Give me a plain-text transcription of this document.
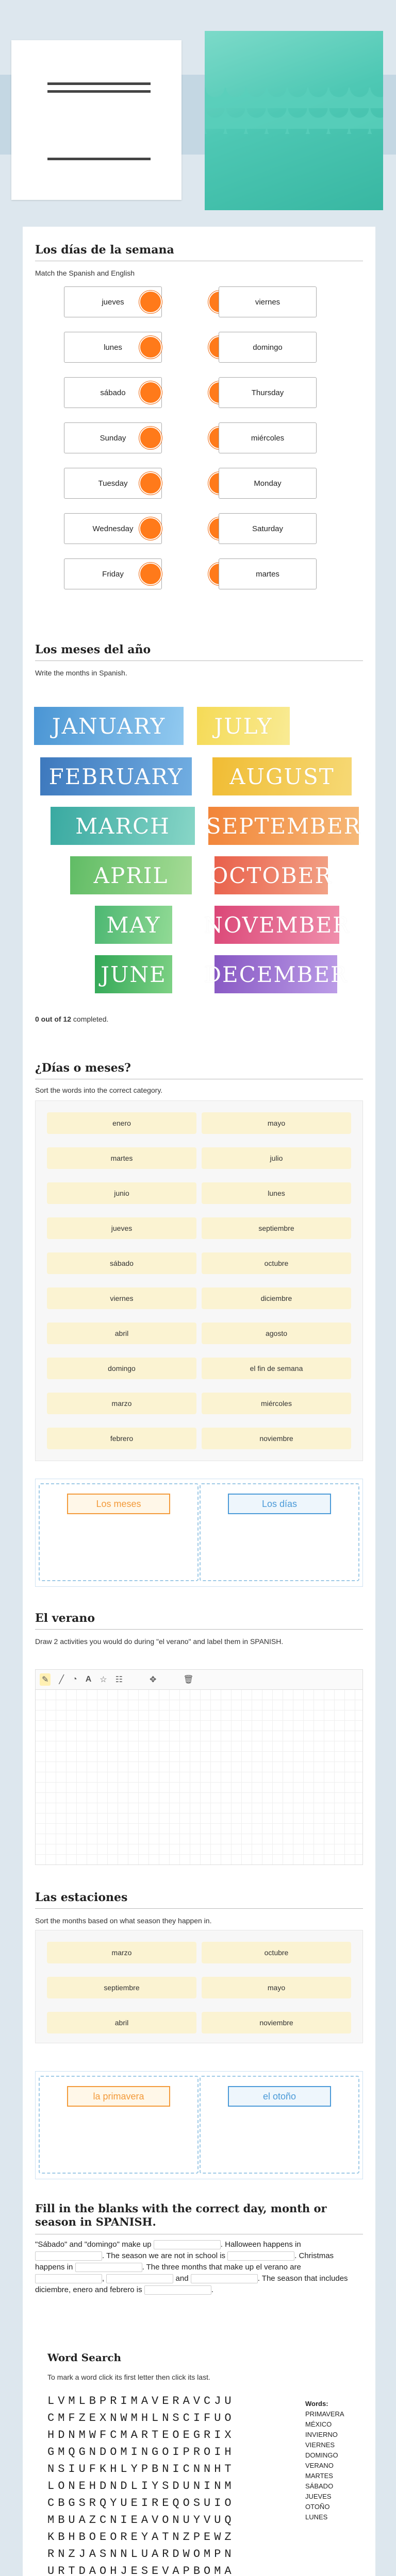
Los días de la semana
Match the Spanish and English
jueves
lunes
sábado
Sunday
Tuesday
Wednesday
Friday
viernes
domingo
Thursday
miércoles
Monday
Saturday
martes
Los meses del año
Write the months in Spanish.
JANUARY	JULY
FEBRUARY	AUGUST
MARCH	SEPTEMBER
APRIL	OCTOBER
MAY	NOVEMBER
JUNE DECEMBER
0 out of 12 completed.
¿Días o meses?
Sort the words into the correct category.
enero	mayo
martes	julio
junio	lunes
jueves	septiembre
sábado	octubre
viernes	diciembre
abril	agosto
domingo	el fin de semana
marzo	miércoles
febrero	noviembre
Los meses	Los días
El verano
Draw 2 activities you would do during "el verano" and label them in SPANISH.
✎ ╱ ◔ A ☆ ☷	✥	🗑
Las estaciones
Sort the months based on what season they happen in.
marzo	octubre
septiembre	mayo
abril	noviembre
la primavera	el otoño
Fill in the blanks with the correct day, month or season in SPANISH.
"Sábado" and "domingo" make up	. Halloween happens in . The season we are not in school is	. Christmas happens in	. The three months that make up el verano are ,	and	. The season that includes diciembre, enero and febrero is	.
Word Search
To mark a word click its first letter then click its last.
LVMLBPRIMAVERAVCJU
CMFZEXNWMHLNSCIFUO
HDNMWFCMARTEOEGRIX
GMQGNDOMINGOIPROIH
NSIUFKHLYPBNICNNHT
LONEHDNDLIYSDUNINM
CBGSRQYUEIREQOSUIO
MBUAZCNIEAVONUYVUQ
KBHBOEOREYATNZPEWZ
RNZJASNNLUARDWOMPN
URTDAOHJESEVAPBOMA

Words:
PRIMAVERA
MÉXICO
INVIERNO
VIERNES
DOMINGO
VERANO
MARTES
SÁBADO
JUEVES
OTOÑO
LUNES
